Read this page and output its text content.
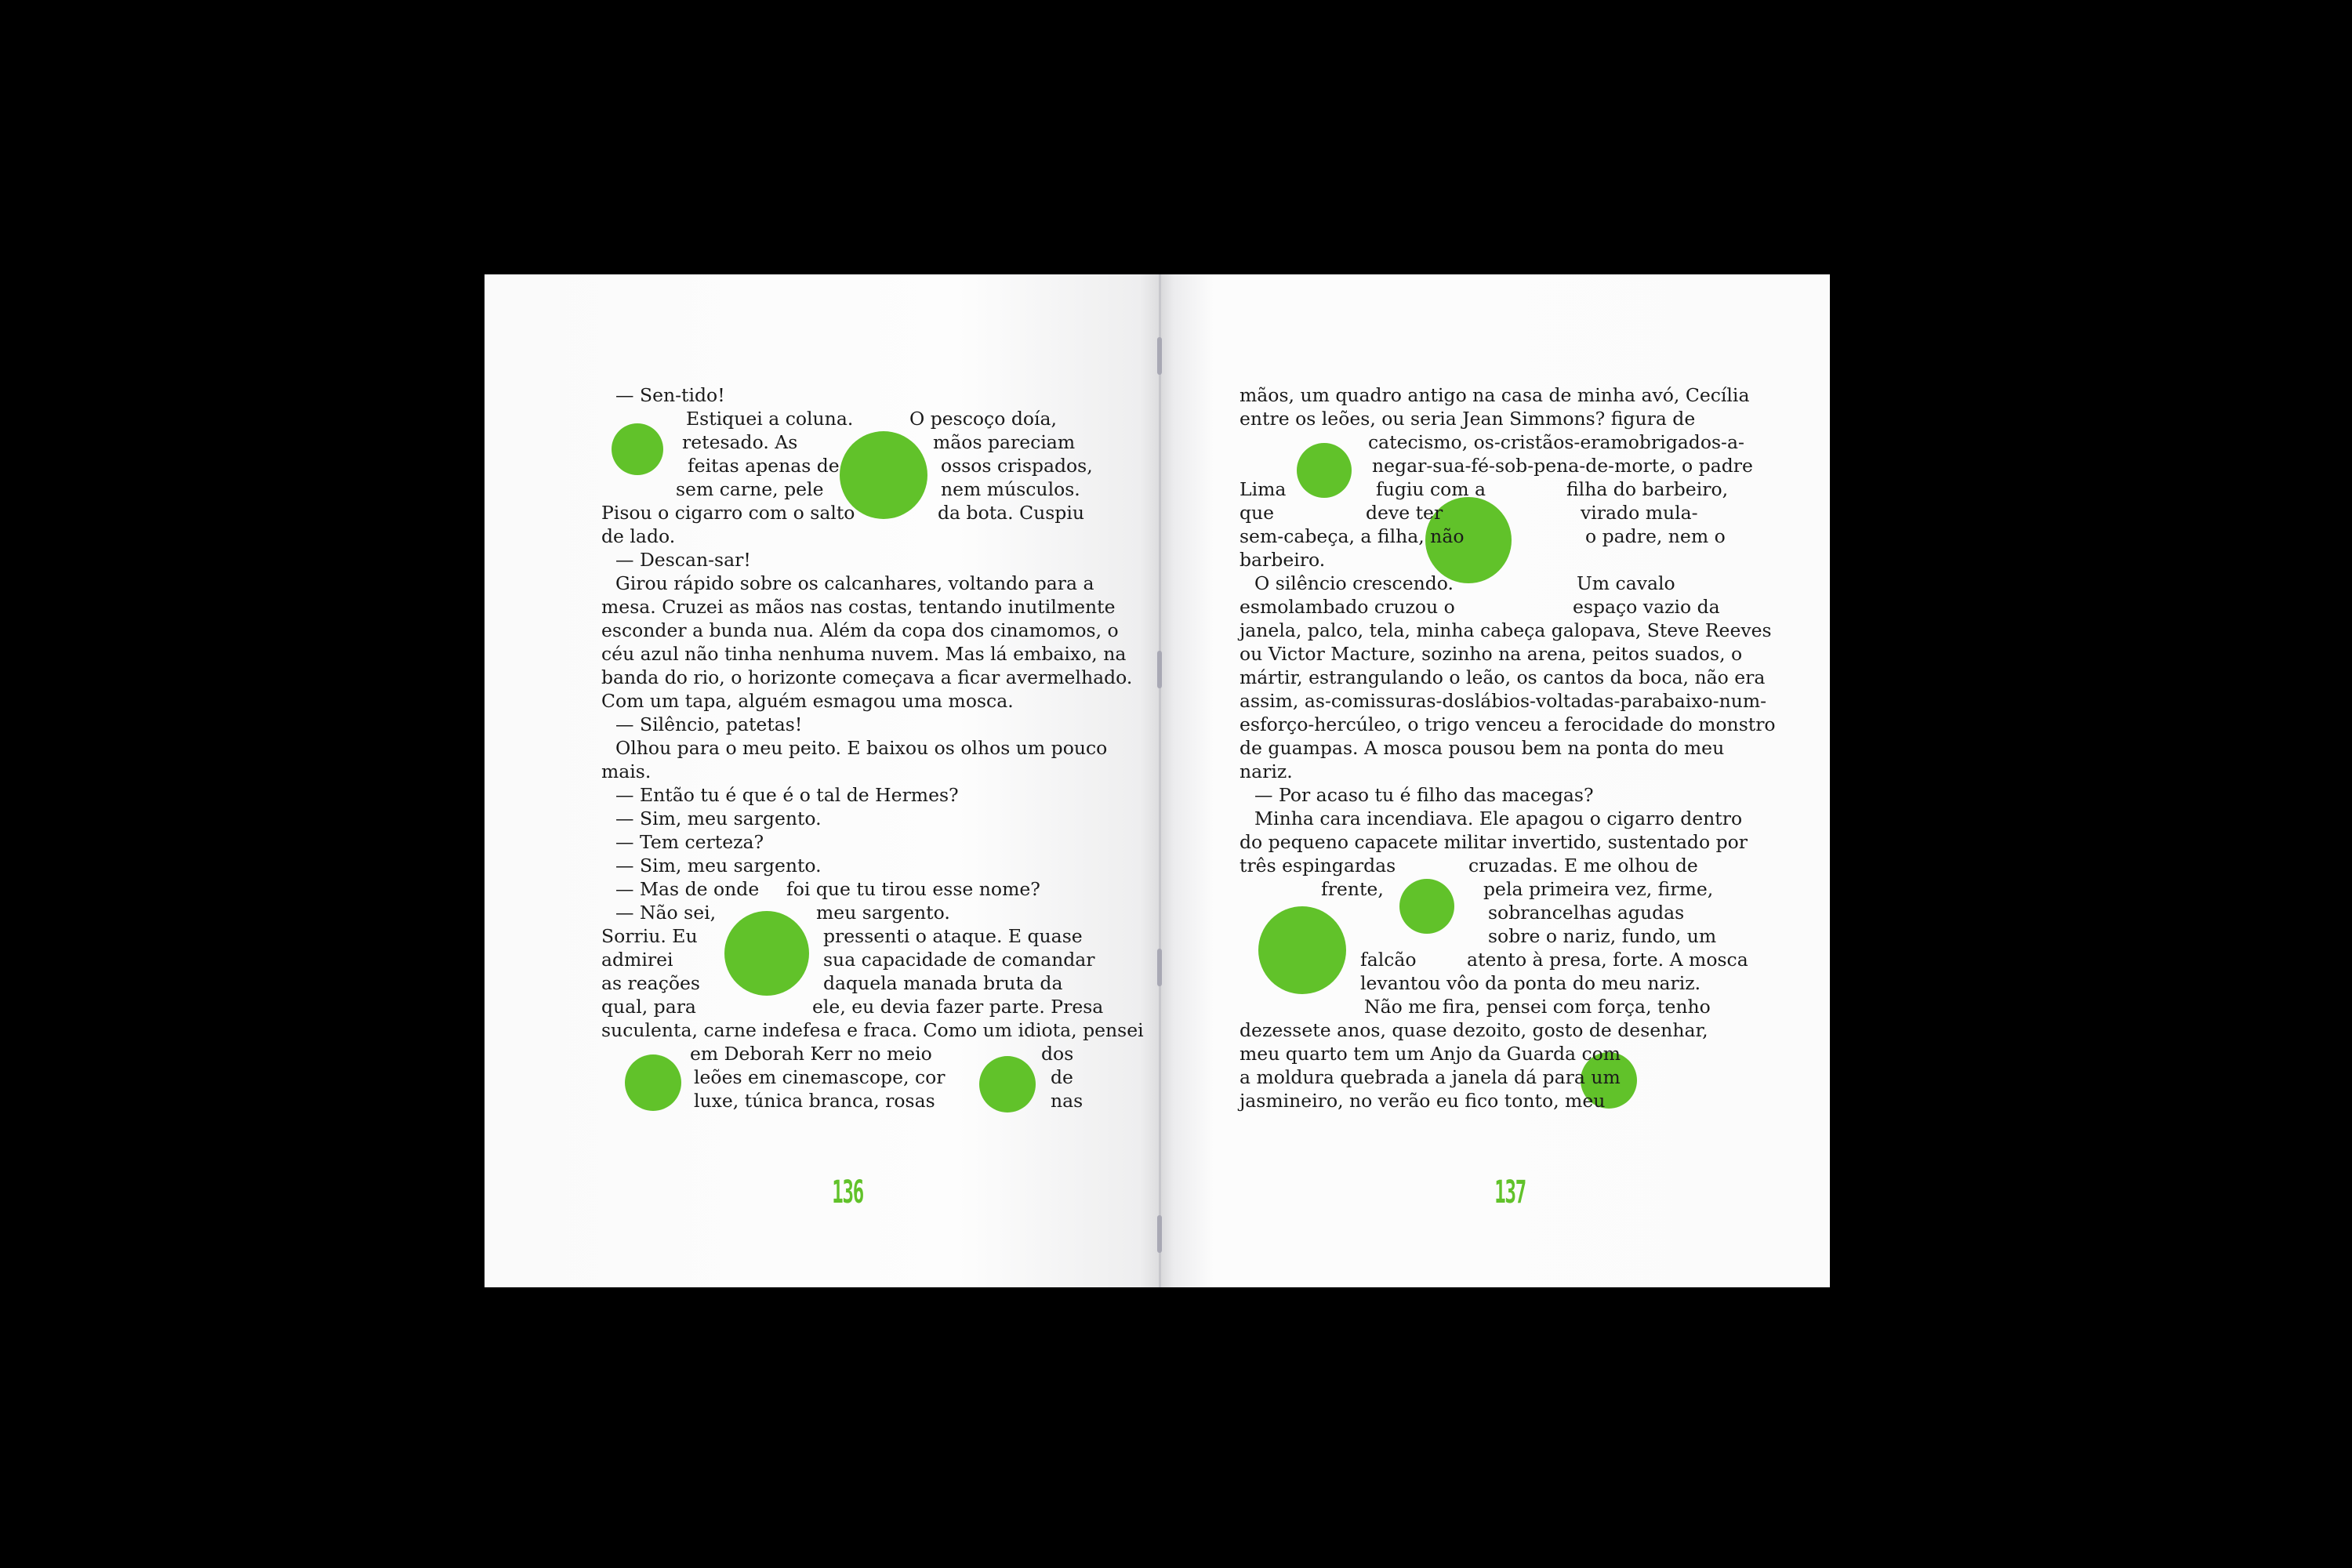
136	137
— Sen-tido!
Estiquei a coluna.	O pescoço doía,
retesado. As	mãos pareciam
feitas apenas de	ossos crispados,
sem carne, pele	nem músculos.
Pisou o cigarro com o salto	da bota. Cuspiu
de lado.
— Descan-sar!
Girou rápido sobre os calcanhares, voltando para a
mesa. Cruzei as mãos nas costas, tentando inutilmente
esconder a bunda nua. Além da copa dos cinamomos, o
céu azul não tinha nenhuma nuvem. Mas lá embaixo, na
banda do rio, o horizonte começava a ficar avermelhado.
Com um tapa, alguém esmagou uma mosca.
— Silêncio, patetas!
Olhou para o meu peito. E baixou os olhos um pouco
mais.
— Então tu é que é o tal de Hermes?
— Sim, meu sargento.
— Tem certeza?
— Sim, meu sargento.
— Mas de onde foi que tu tirou esse nome?
— Não sei,	meu sargento.
Sorriu. Eu	pressenti o ataque. E quase
admirei	sua capacidade de comandar
as reações	daquela manada bruta da
qual, para	ele, eu devia fazer parte. Presa
suculenta, carne indefesa e fraca. Como um idiota, pensei
em Deborah Kerr no meio	dos
leões em cinemascope, cor	de
luxe, túnica branca, rosas	nas
mãos, um quadro antigo na casa de minha avó, Cecília
entre os leões, ou seria Jean Simmons? figura de
catecismo, os-cristãos-eramobrigados-a-
negar-sua-fé-sob-pena-de-morte, o padre
Lima	fugiu com a	filha do barbeiro,
que	deve ter	virado mula-
sem-cabeça, a filha, não	o padre, nem o
barbeiro.
O silêncio crescendo.	Um cavalo
esmolambado cruzou o	espaço vazio da
janela, palco, tela, minha cabeça galopava, Steve Reeves
ou Victor Macture, sozinho na arena, peitos suados, o
mártir, estrangulando o leão, os cantos da boca, não era
assim, as-comissuras-doslábios-voltadas-parabaixo-num-
esforço-hercúleo, o trigo venceu a ferocidade do monstro
de guampas. A mosca pousou bem na ponta do meu
nariz.
— Por acaso tu é filho das macegas?
Minha cara incendiava. Ele apagou o cigarro dentro
do pequeno capacete militar invertido, sustentado por
três espingardas	cruzadas. E me olhou de
frente,	pela primeira vez, firme,
sobrancelhas agudas
sobre o nariz, fundo, um
falcão	atento à presa, forte. A mosca
levantou vôo da ponta do meu nariz.
Não me fira, pensei com força, tenho
dezessete anos, quase dezoito, gosto de desenhar,
meu quarto tem um Anjo da Guarda com
a moldura quebrada a janela dá para um
jasmineiro, no verão eu fico tonto, meu
